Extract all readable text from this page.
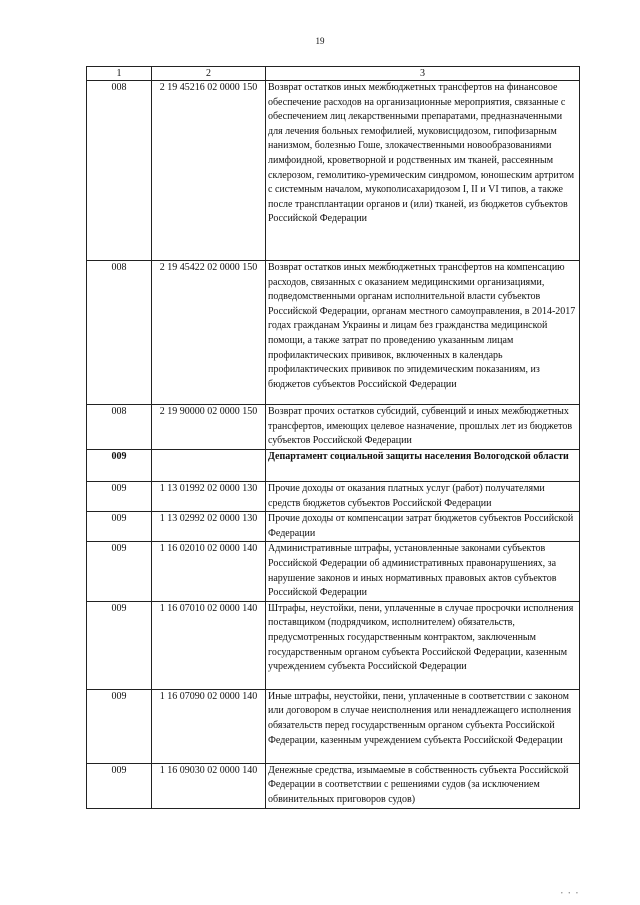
19
1	2	3
008	2 19 45216 02 0000 150	Возврат остатков иных межбюджетных трансфертов на финансовое обеспечение расходов на организационные мероприятия, связанные с обеспечением лиц лекарственными препаратами, предназначенными для лечения больных гемофилией, муковисцидозом, гипофизарным нанизмом, болезнью Гоше, злокачественными новообразованиями лимфоидной, кроветворной и родственных им тканей, рассеянным склерозом, гемолитико-уремическим синдромом, юношеским артритом с системным началом, мукополисахаридозом I, II и VI типов, а также после трансплантации органов и (или) тканей, из бюджетов субъектов Российской Федерации
008	2 19 45422 02 0000 150	Возврат остатков иных межбюджетных трансфертов на компенсацию расходов, связанных с оказанием медицинскими организациями, подведомственными органам исполнительной власти субъектов Российской Федерации, органам местного самоуправления, в 2014-2017 годах гражданам Украины и лицам без гражданства медицинской помощи, а также затрат по проведению указанным лицам профилактических прививок, включенных в календарь профилактических прививок по эпидемическим показаниям, из бюджетов субъектов Российской Федерации
008	2 19 90000 02 0000 150	Возврат прочих остатков субсидий, субвенций и иных межбюджетных трансфертов, имеющих целевое назначение, прошлых лет из бюджетов субъектов Российской Федерации
009		Департамент социальной защиты населения Вологодской области
009	1 13 01992 02 0000 130	Прочие доходы от оказания платных услуг (работ) получателями средств бюджетов субъектов Российской Федерации
009	1 13 02992 02 0000 130	Прочие доходы от компенсации затрат бюджетов субъектов Российской Федерации
009	1 16 02010 02 0000 140	Административные штрафы, установленные законами субъектов Российской Федерации об административных правонарушениях, за нарушение законов и иных нормативных правовых актов субъектов Российской Федерации
009	1 16 07010 02 0000 140	Штрафы, неустойки, пени, уплаченные в случае просрочки исполнения поставщиком (подрядчиком, исполнителем) обязательств, предусмотренных государственным контрактом, заключенным государственным органом субъекта Российской Федерации, казенным учреждением субъекта Российской Федерации
009	1 16 07090 02 0000 140	Иные штрафы, неустойки, пени, уплаченные в соответствии с законом или договором в случае неисполнения или ненадлежащего исполнения обязательств перед государственным органом субъекта Российской Федерации, казенным учреждением субъекта Российской Федерации
009	1 16 09030 02 0000 140	Денежные средства, изымаемые в собственность субъекта Российской Федерации в соответствии с решениями судов (за исключением обвинительных приговоров судов)
• • •
